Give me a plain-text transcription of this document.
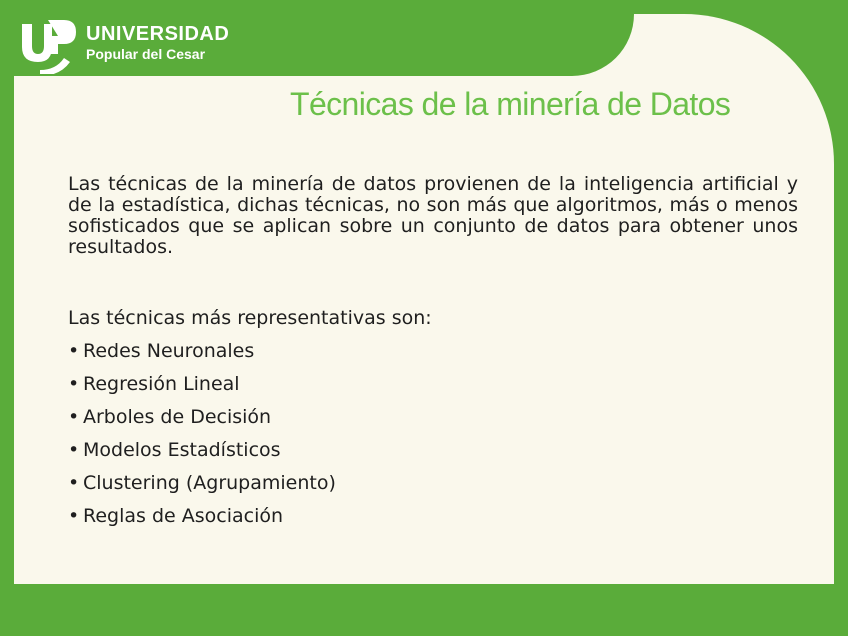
UNIVERSIDAD
Popular del Cesar
Técnicas de la minería de Datos

Las técnicas de la minería de datos provienen de la inteligencia artificial y de la estadística, dichas técnicas, no son más que algoritmos, más o menos sofisticados que se aplican sobre un conjunto de datos para obtener unos resultados.

Las técnicas más representativas son:

• Redes Neuronales
• Regresión Lineal
• Arboles de Decisión
• Modelos Estadísticos
• Clustering (Agrupamiento)
• Reglas de Asociación
